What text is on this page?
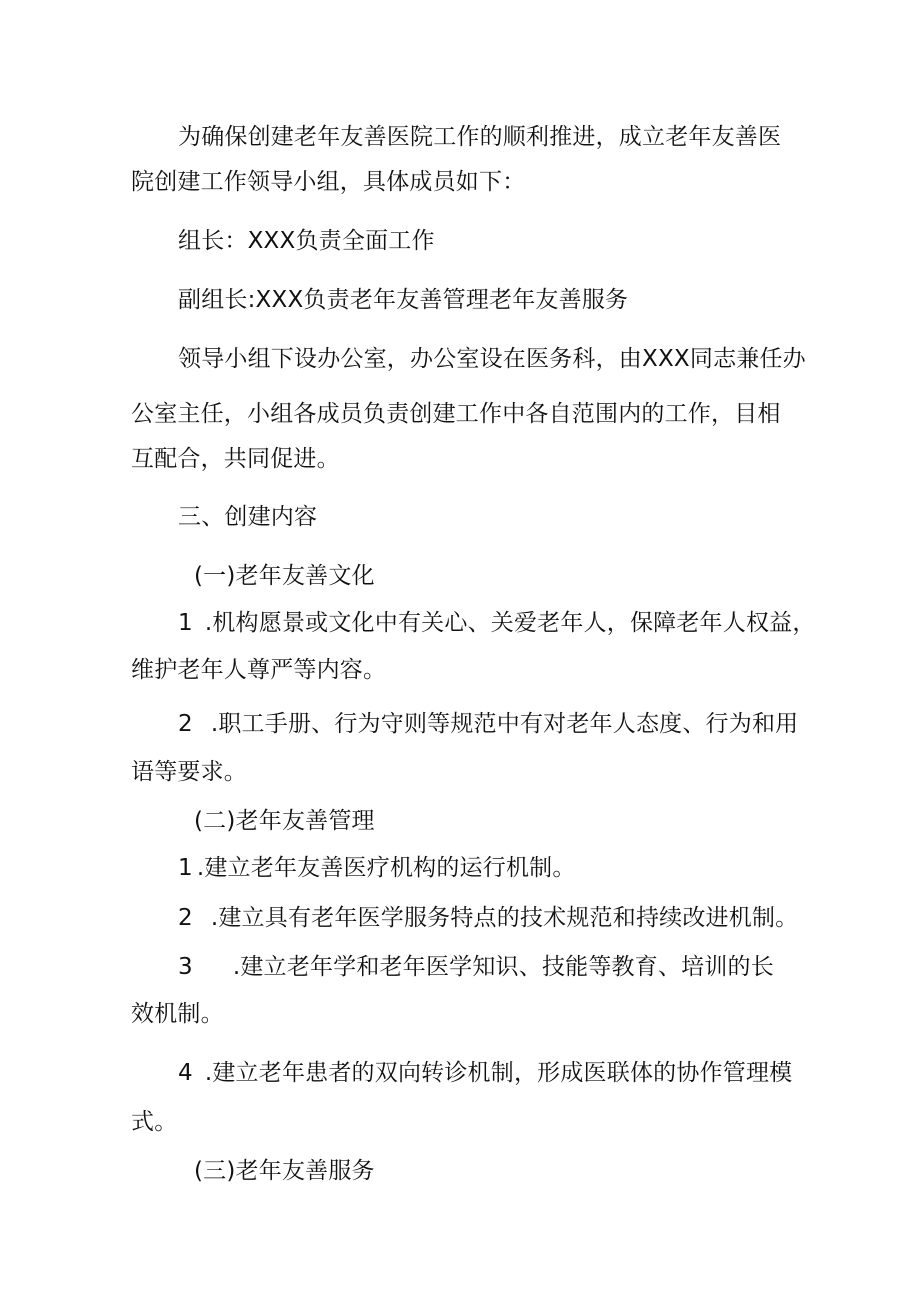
为确保创建老年友善医院工作的顺利推进，成立老年友善医
院创建工作领导小组，具体成员如下：
组长：XXX负责全面工作
副组长:XXX负责老年友善管理老年友善服务
领导小组下设办公室，办公室设在医务科，由XXX同志兼任办
公室主任，小组各成员负责创建工作中各自范围内的工作，目相
互配合，共同促进。
三、创建内容
(一)老年友善文化
1 .机构愿景或文化中有关心、关爱老年人，保障老年人权益，
维护老年人尊严等内容。
2 .职工手册、行为守则等规范中有对老年人态度、行为和用
语等要求。
(二)老年友善管理
1 .建立老年友善医疗机构的运行机制。
2 .建立具有老年医学服务特点的技术规范和持续改进机制。
3 .建立老年学和老年医学知识、技能等教育、培训的长
效机制。
4 .建立老年患者的双向转诊机制，形成医联体的协作管理模
式。
(三)老年友善服务
